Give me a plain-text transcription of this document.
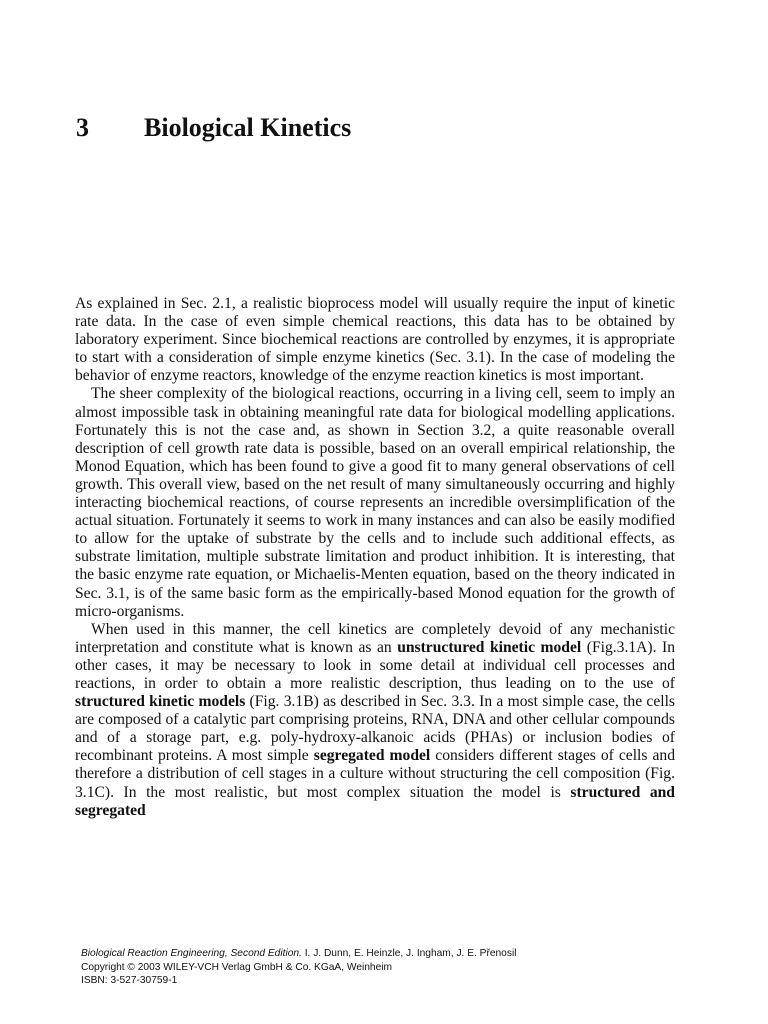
3 Biological Kinetics

As explained in Sec. 2.1, a realistic bioprocess model will usually require the input of kinetic rate data. In the case of even simple chemical reactions, this data has to be obtained by laboratory experiment. Since biochemical reactions are controlled by enzymes, it is appropriate to start with a consideration of simple enzyme kinetics (Sec. 3.1). In the case of modeling the behavior of enzyme reactors, knowledge of the enzyme reaction kinetics is most important.

The sheer complexity of the biological reactions, occurring in a living cell, seem to imply an almost impossible task in obtaining meaningful rate data for biological modelling applications. Fortunately this is not the case and, as shown in Section 3.2, a quite reasonable overall description of cell growth rate data is possible, based on an overall empirical relationship, the Monod Equation, which has been found to give a good fit to many general observations of cell growth. This overall view, based on the net result of many simultaneously occurring and highly interacting biochemical reactions, of course represents an incredible oversimplification of the actual situation. Fortunately it seems to work in many instances and can also be easily modified to allow for the uptake of substrate by the cells and to include such additional effects, as substrate limitation, multiple substrate limitation and product inhibition. It is interesting, that the basic enzyme rate equation, or Michaelis-Menten equation, based on the theory indicated in Sec. 3.1, is of the same basic form as the empirically-based Monod equation for the growth of micro-organisms.

When used in this manner, the cell kinetics are completely devoid of any mechanistic interpretation and constitute what is known as an unstructured kinetic model (Fig.3.1A). In other cases, it may be necessary to look in some detail at individual cell processes and reactions, in order to obtain a more realistic description, thus leading on to the use of structured kinetic models (Fig. 3.1B) as described in Sec. 3.3. In a most simple case, the cells are composed of a catalytic part comprising proteins, RNA, DNA and other cellular compounds and of a storage part, e.g. poly-hydroxy-alkanoic acids (PHAs) or inclusion bodies of recombinant proteins. A most simple segregated model considers different stages of cells and therefore a distribution of cell stages in a culture without structuring the cell composition (Fig. 3.1C). In the most realistic, but most complex situation the model is structured and segregated

Biological Reaction Engineering, Second Edition. I. J. Dunn, E. Heinzle, J. Ingham, J. E. Přenosil
Copyright © 2003 WILEY-VCH Verlag GmbH & Co. KGaA, Weinheim
ISBN: 3-527-30759-1
